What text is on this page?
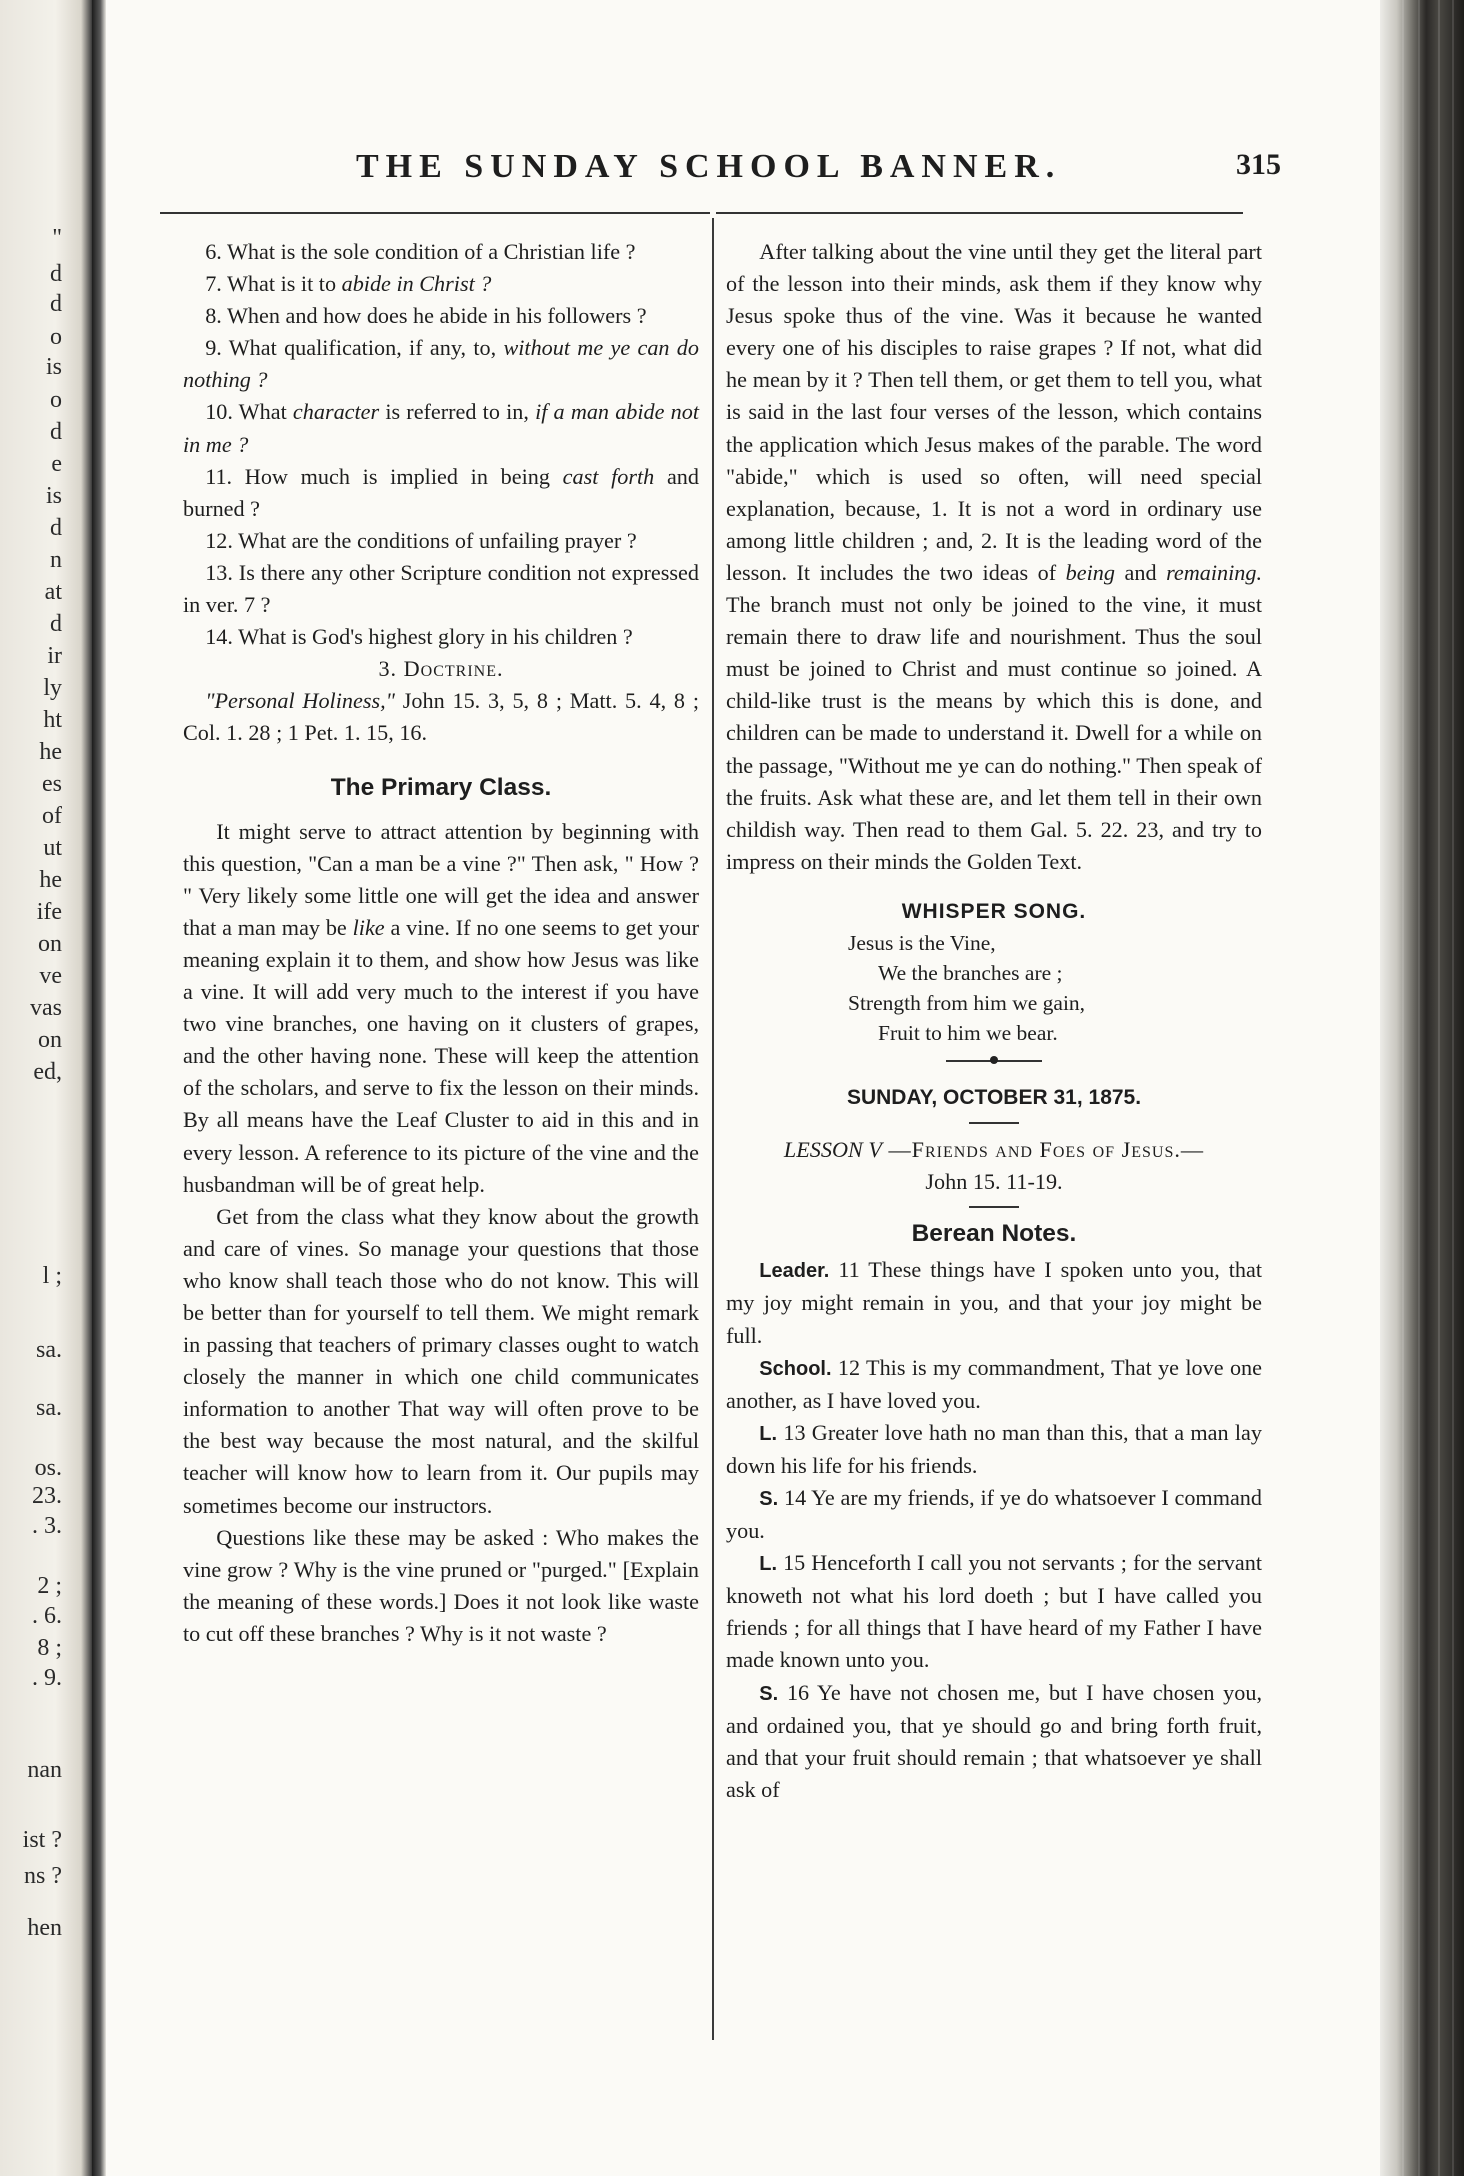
"
d
d
o
is
o
d
e
is
d
n
at
d
ir
ly
ht
he
es
of
ut
he
ife
on
ve
vas
on
ed,
l ;
sa.
sa.
os.
23.
. 3.
2 ;
. 6.
8 ;
. 9.
nan
ist ?
ns ?
hen
THE SUNDAY SCHOOL BANNER.	315

6. What is the sole condition of a Christian life ?

7. What is it to abide in Christ ?

8. When and how does he abide in his followers ?

9. What qualification, if any, to, without me ye can do nothing ?

10. What character is referred to in, if a man abide not in me ?

11. How much is implied in being cast forth and burned ?

12. What are the conditions of unfailing prayer ?

13. Is there any other Scripture condition not expressed in ver. 7 ?

14. What is God's highest glory in his children ?

3. Doctrine.

"Personal Holiness," John 15. 3, 5, 8 ; Matt. 5. 4, 8 ; Col. 1. 28 ; 1 Pet. 1. 15, 16.

The Primary Class.

It might serve to attract attention by beginning with this question, "Can a man be a vine ?" Then ask, " How ? " Very likely some little one will get the idea and answer that a man may be like a vine. If no one seems to get your meaning explain it to them, and show how Jesus was like a vine. It will add very much to the interest if you have two vine branches, one having on it clusters of grapes, and the other having none. These will keep the attention of the scholars, and serve to fix the lesson on their minds. By all means have the Leaf Cluster to aid in this and in every lesson. A reference to its picture of the vine and the husbandman will be of great help.

Get from the class what they know about the growth and care of vines. So manage your questions that those who know shall teach those who do not know. This will be better than for yourself to tell them. We might remark in passing that teachers of primary classes ought to watch closely the manner in which one child communicates information to another That way will often prove to be the best way because the most natural, and the skilful teacher will know how to learn from it. Our pupils may sometimes become our instructors.

Questions like these may be asked : Who makes the vine grow ? Why is the vine pruned or "purged." [Explain the meaning of these words.] Does it not look like waste to cut off these branches ? Why is it not waste ?

After talking about the vine until they get the literal part of the lesson into their minds, ask them if they know why Jesus spoke thus of the vine. Was it because he wanted every one of his disciples to raise grapes ? If not, what did he mean by it ? Then tell them, or get them to tell you, what is said in the last four verses of the lesson, which contains the application which Jesus makes of the parable. The word "abide," which is used so often, will need special explanation, because, 1. It is not a word in ordinary use among little children ; and, 2. It is the leading word of the lesson. It includes the two ideas of being and remaining. The branch must not only be joined to the vine, it must remain there to draw life and nourishment. Thus the soul must be joined to Christ and must continue so joined. A child-like trust is the means by which this is done, and children can be made to understand it. Dwell for a while on the passage, "Without me ye can do nothing." Then speak of the fruits. Ask what these are, and let them tell in their own childish way. Then read to them Gal. 5. 22. 23, and try to impress on their minds the Golden Text.

WHISPER SONG.

Jesus is the Vine,

We the branches are ;

Strength from him we gain,

Fruit to him we bear.

SUNDAY, OCTOBER 31, 1875.

LESSON V —Friends and Foes of Jesus.—

John 15. 11-19.

Berean Notes.

Leader. 11 These things have I spoken unto you, that my joy might remain in you, and that your joy might be full.

School. 12 This is my commandment, That ye love one another, as I have loved you.

L. 13 Greater love hath no man than this, that a man lay down his life for his friends.

S. 14 Ye are my friends, if ye do whatsoever I command you.

L. 15 Henceforth I call you not servants ; for the servant knoweth not what his lord doeth ; but I have called you friends ; for all things that I have heard of my Father I have made known unto you.

S. 16 Ye have not chosen me, but I have chosen you, and ordained you, that ye should go and bring forth fruit, and that your fruit should remain ; that whatsoever ye shall ask of
